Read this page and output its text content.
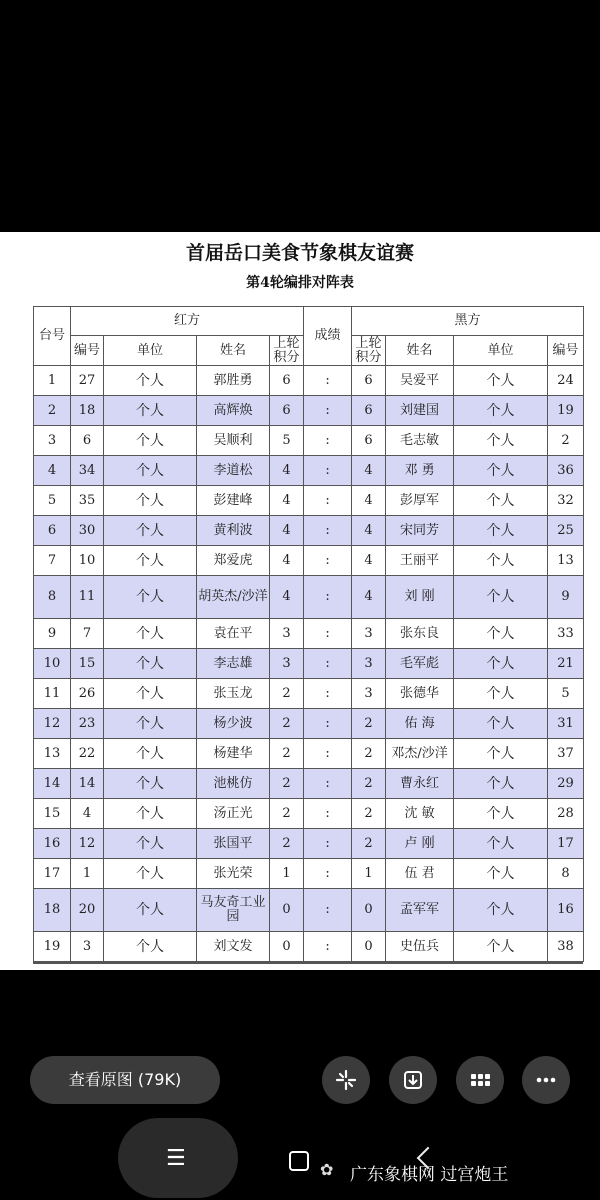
首届岳口美食节象棋友谊赛
第4轮编排对阵表
台号	红方				成绩	黑方			
	编号	单位	姓名	上轮积分		上轮积分	姓名	单位	编号
1	27	个人	郭胜勇	6	:	6	吴爱平	个人	24
2	18	个人	高辉焕	6	:	6	刘建国	个人	19
3	6	个人	吴顺利	5	:	6	毛志敏	个人	2
4	34	个人	李道松	4	:	4	邓 勇	个人	36
5	35	个人	彭建峰	4	:	4	彭厚军	个人	32
6	30	个人	黄利波	4	:	4	宋同芳	个人	25
7	10	个人	郑爱虎	4	:	4	王丽平	个人	13
8	11	个人	胡英杰/沙洋	4	:	4	刘 刚	个人	9
9	7	个人	袁在平	3	:	3	张东良	个人	33
10	15	个人	李志雄	3	:	3	毛军彪	个人	21
11	26	个人	张玉龙	2	:	3	张德华	个人	5
12	23	个人	杨少波	2	:	2	佑 海	个人	31
13	22	个人	杨建华	2	:	2	邓杰/沙洋	个人	37
14	14	个人	池桃仿	2	:	2	曹永红	个人	29
15	4	个人	汤正光	2	:	2	沈 敏	个人	28
16	12	个人	张国平	2	:	2	卢 刚	个人	17
17	1	个人	张光荣	1	:	1	伍 君	个人	8
18	20	个人	马友奇工业园	0	:	0	孟军军	个人	16
19	3	个人	刘文发	0	:	0	史伍兵	个人	38
查看原图 (79K)
☰	✿ 广东象棋网 过宫炮王
